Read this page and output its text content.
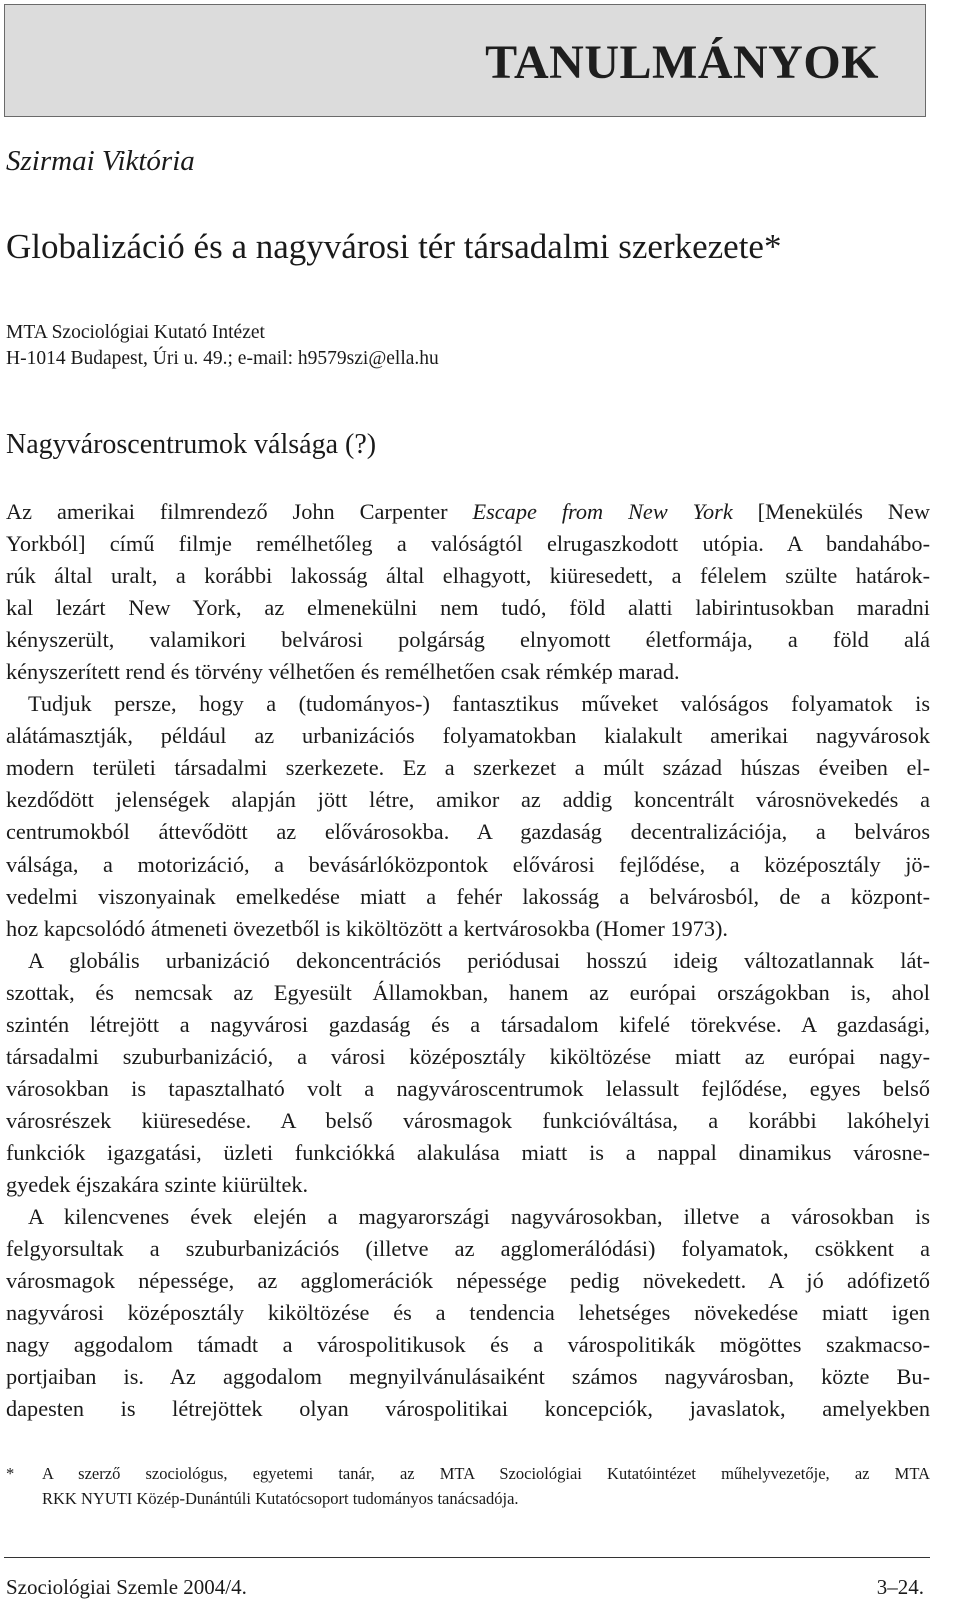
TANULMÁNYOK
Szirmai Viktória
Globalizáció és a nagyvárosi tér társadalmi szerkezete*
MTA Szociológiai Kutató Intézet
H-1014 Budapest, Úri u. 49.; e-mail: h9579szi@ella.hu
Nagyvároscentrumok válsága (?)
Az amerikai filmrendező John Carpenter Escape from New York [Menekülés New
Yorkból] című filmje remélhetőleg a valóságtól elrugaszkodott utópia. A bandahábo-
rúk által uralt, a korábbi lakosság által elhagyott, kiüresedett, a félelem szülte határok-
kal lezárt New York, az elmenekülni nem tudó, föld alatti labirintusokban maradni
kényszerült, valamikori belvárosi polgárság elnyomott életformája, a föld alá
kényszerített rend és törvény vélhetően és remélhetően csak rémkép marad.
Tudjuk persze, hogy a (tudományos-) fantasztikus műveket valóságos folyamatok is
alátámasztják, például az urbanizációs folyamatokban kialakult amerikai nagyvárosok
modern területi társadalmi szerkezete. Ez a szerkezet a múlt század húszas éveiben el-
kezdődött jelenségek alapján jött létre, amikor az addig koncentrált városnövekedés a
centrumokból áttevődött az elővárosokba. A gazdaság decentralizációja, a belváros
válsága, a motorizáció, a bevásárlóközpontok elővárosi fejlődése, a középosztály jö-
vedelmi viszonyainak emelkedése miatt a fehér lakosság a belvárosból, de a központ-
hoz kapcsolódó átmeneti övezetből is kiköltözött a kertvárosokba (Homer 1973).
A globális urbanizáció dekoncentrációs periódusai hosszú ideig változatlannak lát-
szottak, és nemcsak az Egyesült Államokban, hanem az európai országokban is, ahol
szintén létrejött a nagyvárosi gazdaság és a társadalom kifelé törekvése. A gazdasági,
társadalmi szuburbanizáció, a városi középosztály kiköltözése miatt az európai nagy-
városokban is tapasztalható volt a nagyvároscentrumok lelassult fejlődése, egyes belső
városrészek kiüresedése. A belső városmagok funkcióváltása, a korábbi lakóhelyi
funkciók igazgatási, üzleti funkciókká alakulása miatt is a nappal dinamikus városne-
gyedek éjszakára szinte kiürültek.
A kilencvenes évek elején a magyarországi nagyvárosokban, illetve a városokban is
felgyorsultak a szuburbanizációs (illetve az agglomerálódási) folyamatok, csökkent a
városmagok népessége, az agglomerációk népessége pedig növekedett. A jó adófizető
nagyvárosi középosztály kiköltözése és a tendencia lehetséges növekedése miatt igen
nagy aggodalom támadt a várospolitikusok és a várospolitikák mögöttes szakmacso-
portjaiban is. Az aggodalom megnyilvánulásaiként számos nagyvárosban, közte Bu-
dapesten is létrejöttek olyan várospolitikai koncepciók, javaslatok, amelyekben
* A szerző szociológus, egyetemi tanár, az MTA Szociológiai Kutatóintézet műhelyvezetője, az MTA
RKK NYUTI Közép-Dunántúli Kutatócsoport tudományos tanácsadója.
Szociológiai Szemle 2004/4.	3–24.
